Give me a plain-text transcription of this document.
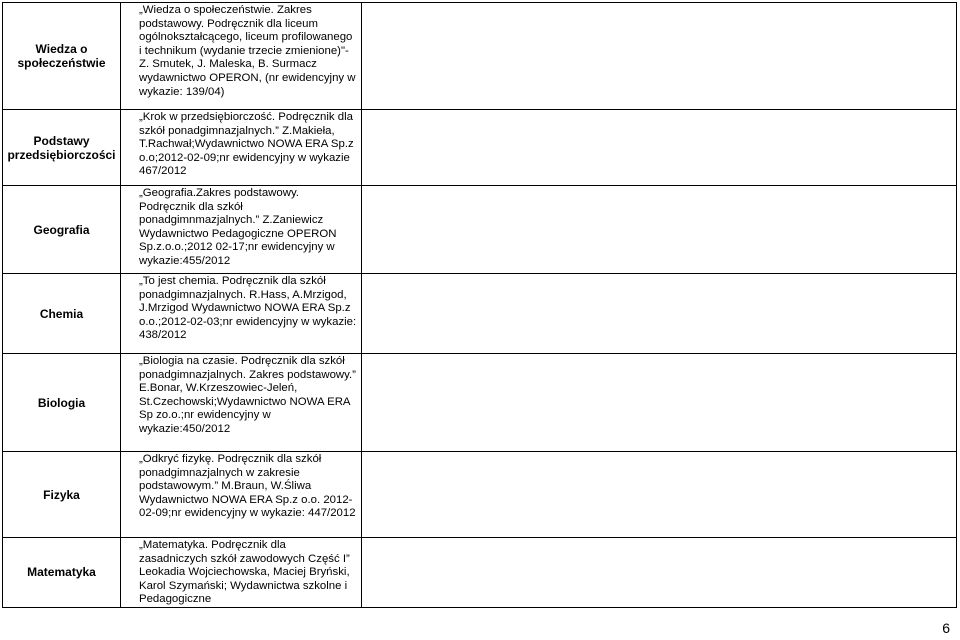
Wiedza o społeczeństwie	„Wiedza o społeczeństwie. Zakres podstawowy. Podręcznik dla liceum ogólnokształcącego, liceum profilowanego i technikum (wydanie trzecie zmienione)"- Z. Smutek, J. Maleska, B. Surmacz wydawnictwo OPERON, (nr ewidencyjny w wykazie: 139/04)	
Podstawy przedsiębiorczości	„Krok w przedsiębiorczość. Podręcznik dla szkół ponadgimnazjalnych.” Z.Makieła, T.Rachwał;Wydawnictwo NOWA ERA Sp.z o.o;2012-02-09;nr ewidencyjny w wykazie 467/2012	
Geografia	„Geografia.Zakres podstawowy. Podręcznik dla szkół ponadgimnmazjalnych.” Z.Zaniewicz Wydawnictwo Pedagogiczne OPERON Sp.z.o.o.;2012 02-17;nr ewidencyjny w wykazie:455/2012	
Chemia	„To jest chemia. Podręcznik dla szkół ponadgimnazjalnych. R.Hass, A.Mrzigod, J.Mrzigod Wydawnictwo NOWA ERA Sp.z o.o.;2012-02-03;nr ewidencyjny w wykazie: 438/2012	
Biologia	„Biologia na czasie. Podręcznik dla szkół ponadgimnazjalnych. Zakres podstawowy.” E.Bonar, W.Krzeszowiec-Jeleń, St.Czechowski;Wydawnictwo NOWA ERA Sp zo.o.;nr ewidencyjny w wykazie:450/2012	
Fizyka	„Odkryć fizykę. Podręcznik dla szkół ponadgimnazjalnych w zakresie podstawowym.” M.Braun, W.Śliwa Wydawnictwo NOWA ERA Sp.z o.o. 2012-02-09;nr ewidencyjny w wykazie: 447/2012	
Matematyka	„Matematyka. Podręcznik dla zasadniczych szkół zawodowych Część I” Leokadia Wojciechowska, Maciej Bryński, Karol Szymański; Wydawnictwa szkolne i Pedagogiczne	
6
